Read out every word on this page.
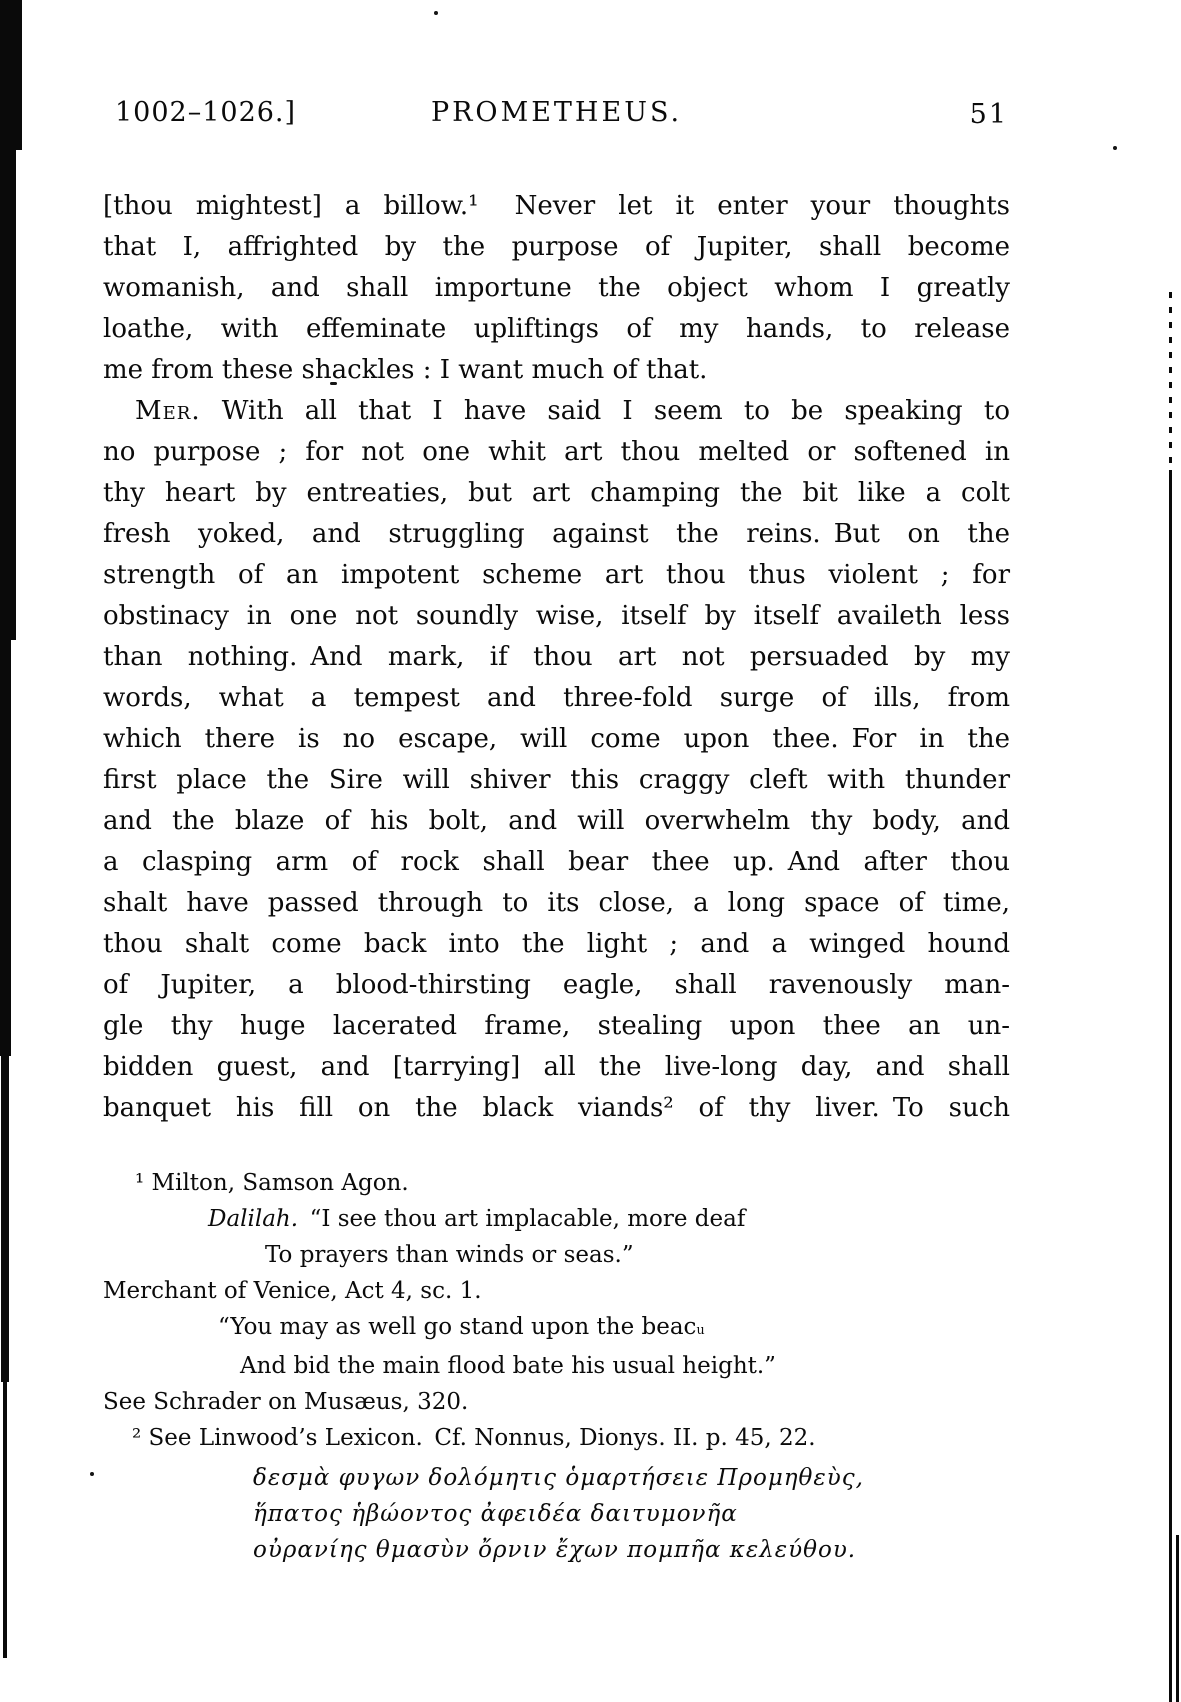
1002–1026.]	PROMETHEUS.	51
[thou mightest] a billow.¹  Never let it enter your thoughts
that I, affrighted by the purpose of Jupiter, shall become
womanish, and shall importune the object whom I greatly
loathe, with effeminate upliftings of my hands, to release
me from these shackles : I want much of that.
Mer. With all that I have said I seem to be speaking to
no purpose ; for not one whit art thou melted or softened in
thy heart by entreaties, but art champing the bit like a colt
fresh yoked, and struggling against the reins. But on the
strength of an impotent scheme art thou thus violent ; for
obstinacy in one not soundly wise, itself by itself availeth less
than nothing. And mark, if thou art not persuaded by my
words, what a tempest and three-fold surge of ills, from
which there is no escape, will come upon thee. For in the
first place the Sire will shiver this craggy cleft with thunder
and the blaze of his bolt, and will overwhelm thy body, and
a clasping arm of rock shall bear thee up. And after thou
shalt have passed through to its close, a long space of time,
thou shalt come back into the light ; and a winged hound
of Jupiter, a blood-thirsting eagle, shall ravenously man-
gle thy huge lacerated frame, stealing upon thee an un-
bidden guest, and [tarrying] all the live-long day, and shall
banquet his fill on the black viands² of thy liver. To such
¹ Milton, Samson Agon.
Dalilah. “I see thou art implacable, more deaf
To prayers than winds or seas.”
Merchant of Venice, Act 4, sc. 1.
“You may as well go stand upon the beacu
And bid the main flood bate his usual height.”
See Schrader on Musæus, 320.
² See Linwood’s Lexicon. Cf. Nonnus, Dionys. II. p. 45, 22.
δεσμὰ φυγων δολόμητις ὁμαρτήσειε Προμηθεὺς,
ἥπατος ἡβώοντος ἀφειδέα δαιτυμονῆα
οὐρανίης θμασὺν ὄρνιν ἔχων πομπῆα κελεύθου.
